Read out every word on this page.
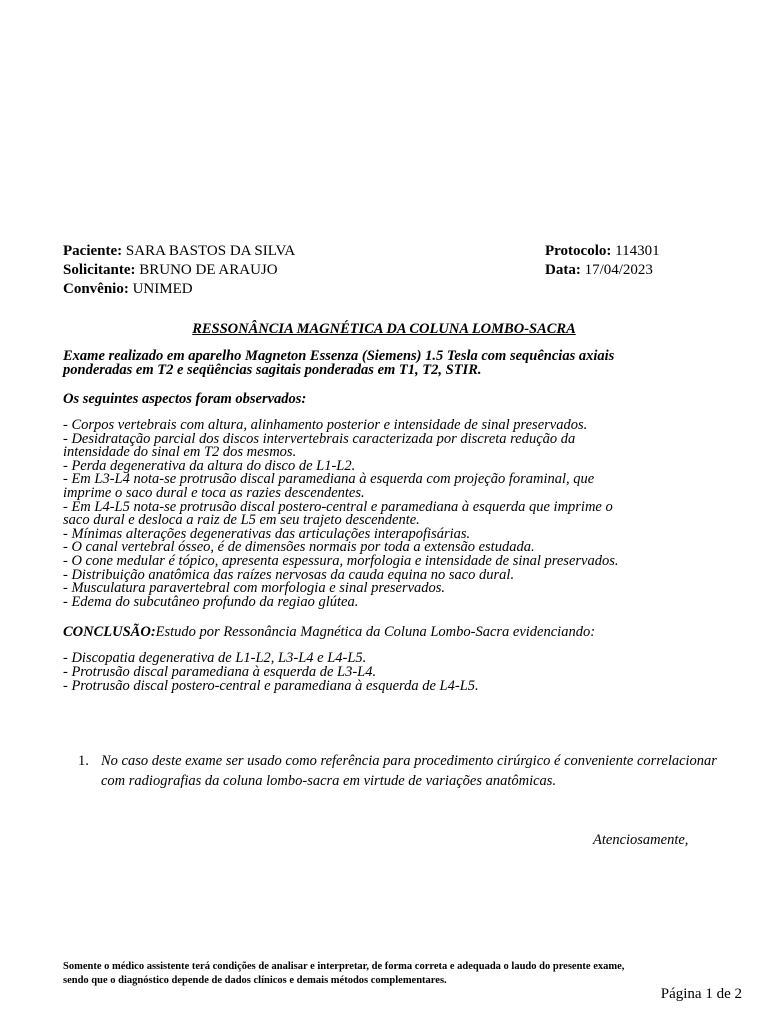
Paciente: SARA BASTOS DA SILVA
Solicitante: BRUNO DE ARAUJO
Convênio: UNIMED
Protocolo: 114301
Data: 17/04/2023
RESSONÂNCIA MAGNÉTICA DA COLUNA LOMBO-SACRA
Exame realizado em aparelho Magneton Essenza (Siemens) 1.5 Tesla com sequências axiais
ponderadas em T2 e seqüências sagitais ponderadas em T1, T2, STIR.
Os seguintes aspectos foram observados:
- Corpos vertebrais com altura, alinhamento posterior e intensidade de sinal preservados.
- Desidratação parcial dos discos intervertebrais caracterizada por discreta redução da
intensidade do sinal em T2 dos mesmos.
- Perda degenerativa da altura do disco de L1-L2.
- Em L3-L4 nota-se protrusão discal paramediana à esquerda com projeção foraminal, que
imprime o saco dural e toca as razies descendentes.
- Em L4-L5 nota-se protrusão discal postero-central e paramediana à esquerda que imprime o
saco dural e desloca a raiz de L5 em seu trajeto descendente.
- Mínimas alterações degenerativas das articulações interapofisárias.
- O canal vertebral ósseo, é de dimensões normais por toda a extensão estudada.
- O cone medular é tópico, apresenta espessura, morfologia e intensidade de sinal preservados.
- Distribuição anatômica das raízes nervosas da cauda equina no saco dural.
- Musculatura paravertebral com morfologia e sinal preservados.
- Edema do subcutâneo profundo da regiao glútea.
CONCLUSÃO:Estudo por Ressonância Magnética da Coluna Lombo-Sacra evidenciando:
- Discopatia degenerativa de L1-L2, L3-L4 e L4-L5.
- Protrusão discal paramediana à esquerda de L3-L4.
- Protrusão discal postero-central e paramediana à esquerda de L4-L5.
1. No caso deste exame ser usado como referência para procedimento cirúrgico é conveniente correlacionar com radiografias da coluna lombo-sacra em virtude de variações anatômicas.
Atenciosamente,
Somente o médico assistente terá condições de analisar e interpretar, de forma correta e adequada o laudo do presente exame,
sendo que o diagnóstico depende de dados clínicos e demais métodos complementares.
Página 1 de 2
